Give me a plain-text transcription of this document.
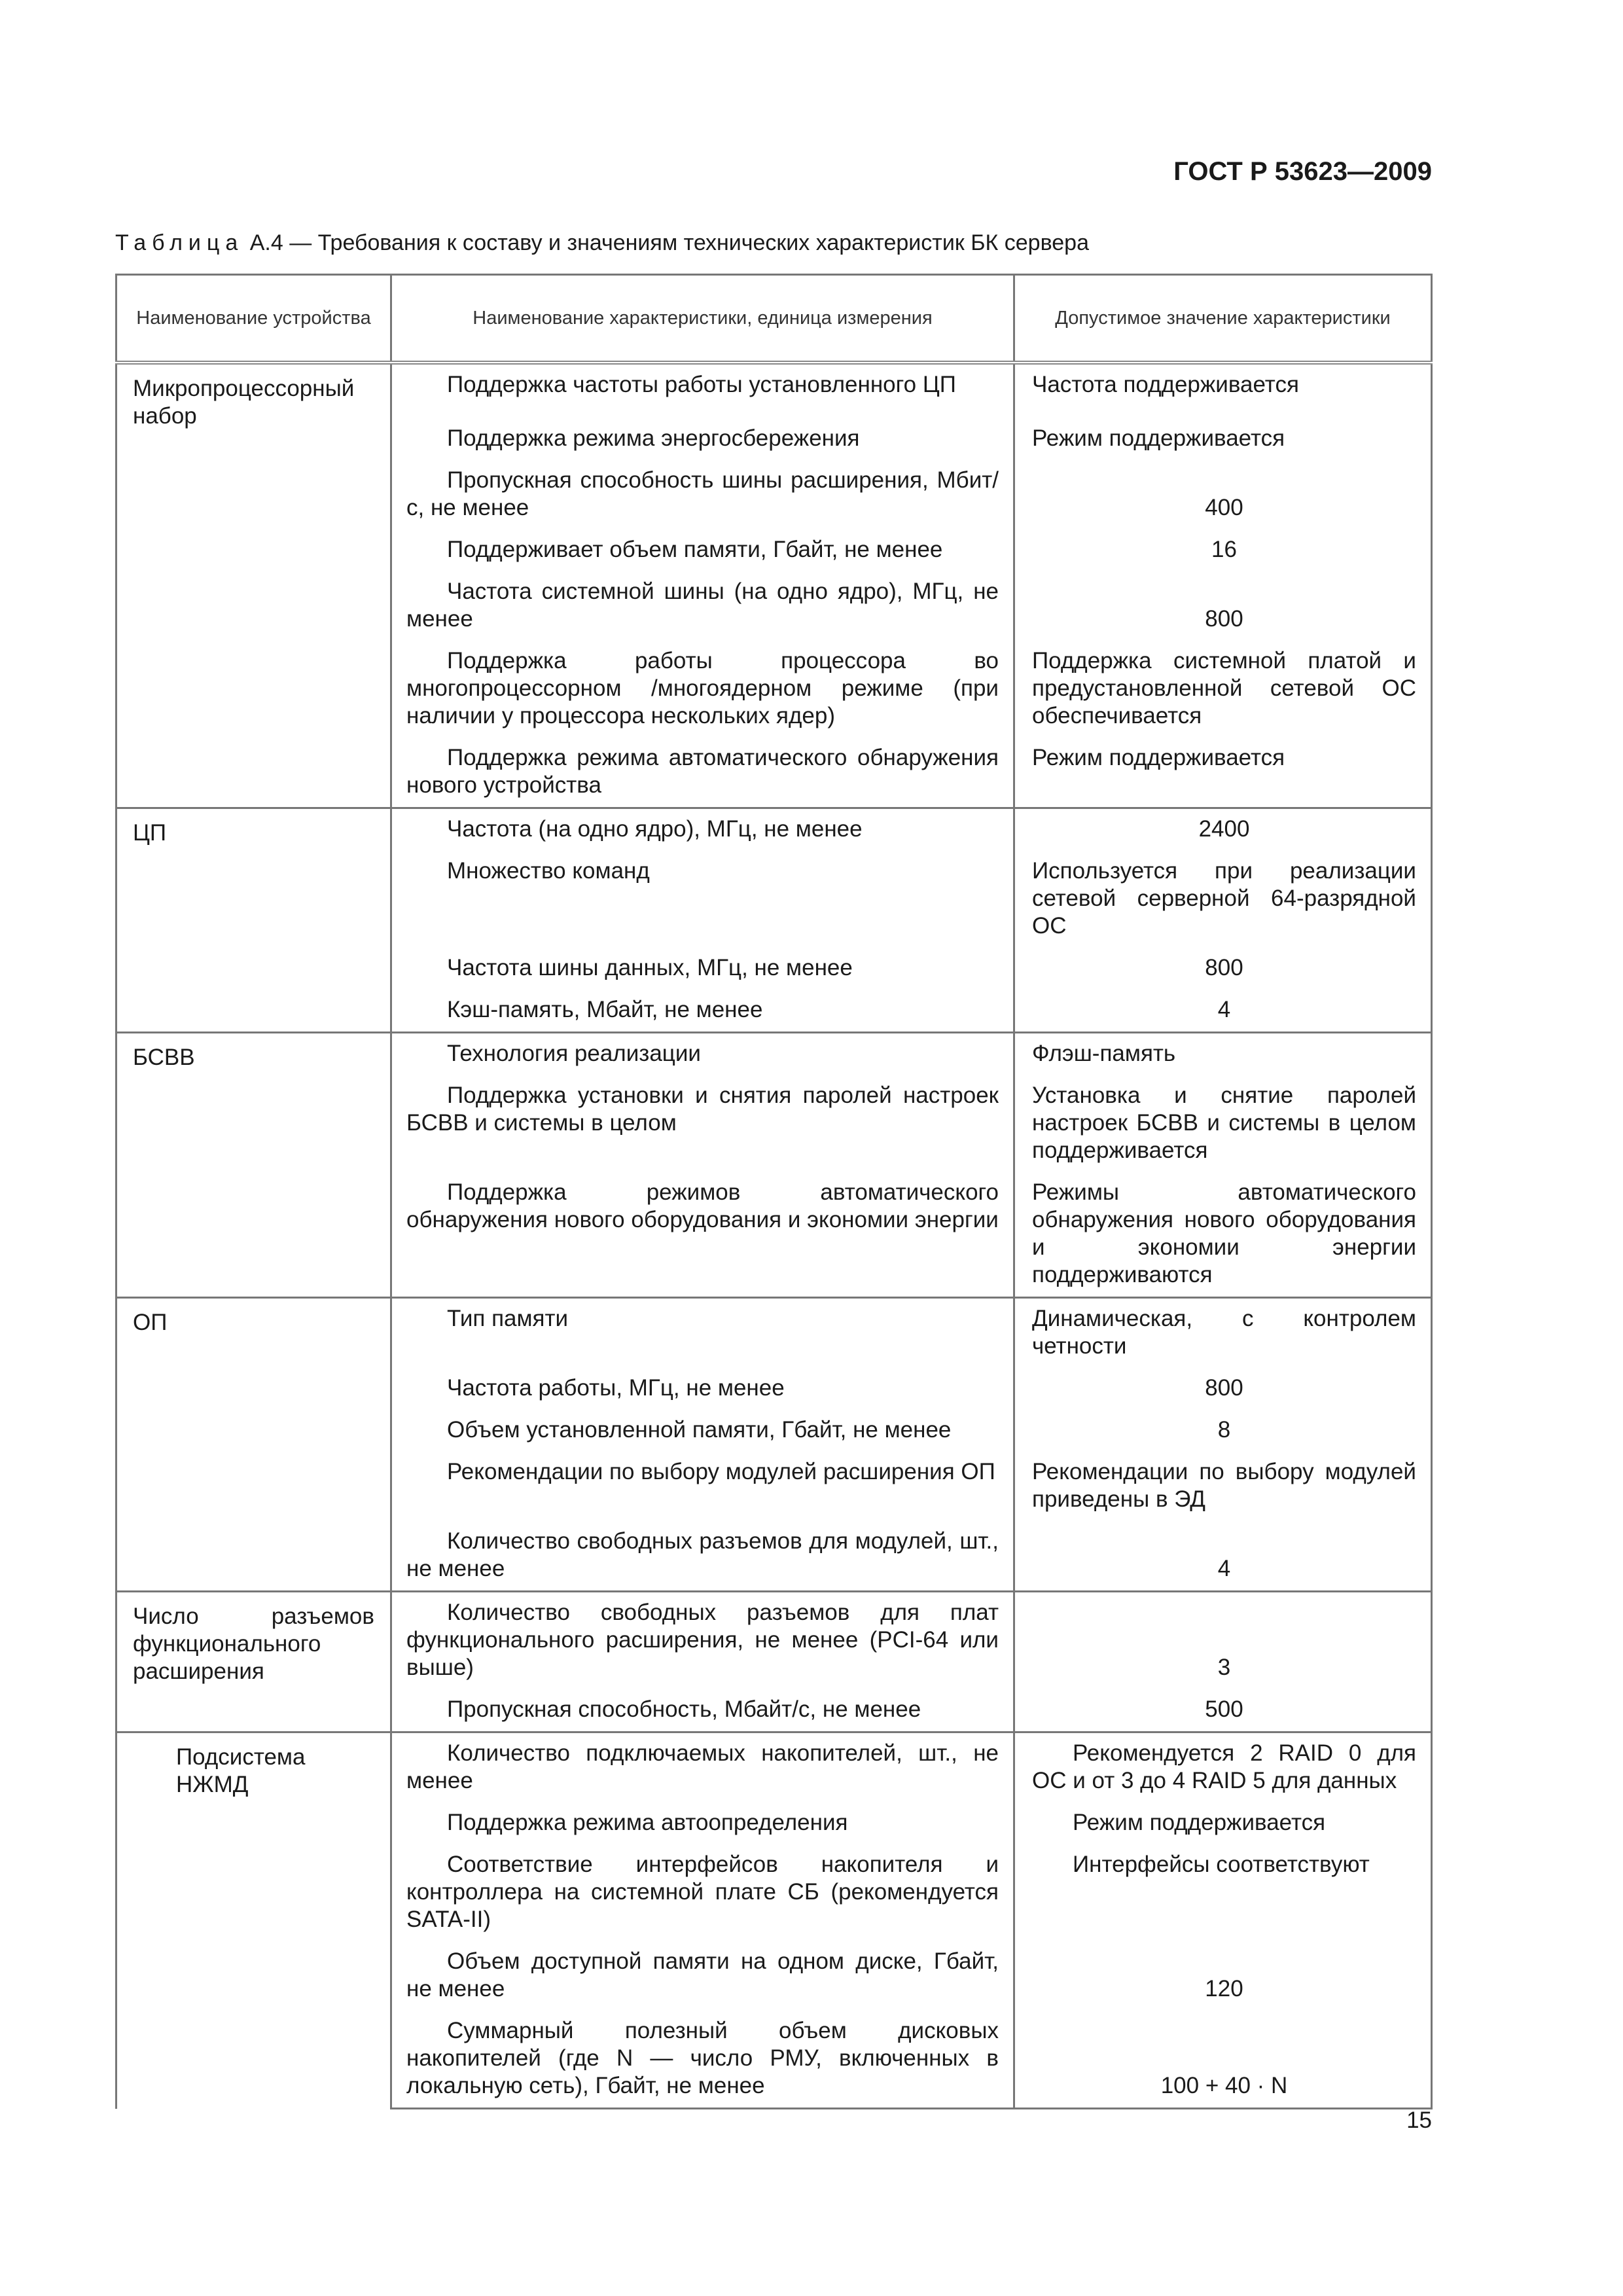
ГОСТ Р 53623—2009
Таблица А.4 — Требования к составу и значениям технических характеристик БК сервера
Наименование устройства	Наименование характеристики, единица измерения	Допустимое значение характеристики
Микропроцессорный набор	Поддержка частоты работы установленного ЦП	Частота поддерживается

	Поддержка режима энергосбережения	Режим поддерживается

	Пропускная способность шины расширения, Мбит/с, не менее	400

	Поддерживает объем памяти, Гбайт, не менее	16

	Частота системной шины (на одно ядро), МГц, не менее	800

	Поддержка работы процессора во многопроцессорном /многоядерном режиме (при наличии у процессора нескольких ядер)	Поддержка системной платой и предустановленной сетевой ОС обеспечивается

	Поддержка режима автоматического обнаружения нового устройства	Режим поддерживается
ЦП	Частота (на одно ядро), МГц, не менее	2400

	Множество команд	Используется при реализации сетевой серверной 64-разрядной ОС

	Частота шины данных, МГц, не менее	800

	Кэш-память, Мбайт, не менее	4
БСВВ	Технология реализации	Флэш-память

	Поддержка установки и снятия паролей настроек БСВВ и системы в целом	Установка и снятие паролей настроек БСВВ и системы в целом поддерживается

	Поддержка режимов автоматического обнаружения нового оборудования и экономии энергии	Режимы автоматического обнаружения нового оборудования и экономии энергии поддерживаются
ОП	Тип памяти	Динамическая, с контролем четности

	Частота работы, МГц, не менее	800

	Объем установленной памяти, Гбайт, не менее	8

	Рекомендации по выбору модулей расширения ОП	Рекомендации по выбору модулей приведены в ЭД

	Количество свободных разъемов для модулей, шт., не менее	4
Число разъемов функционального расширения	Количество свободных разъемов для плат функционального расширения, не менее (PCI-64 или выше)	3

	Пропускная способность, Мбайт/с, не менее	500
Подсистема НЖМД	Количество подключаемых накопителей, шт., не менее	Рекомендуется 2 RAID 0 для ОС и от 3 до 4 RAID 5 для данных

	Поддержка режима автоопределения	Режим поддерживается

	Соответствие интерфейсов накопителя и контроллера на системной плате СБ (рекомендуется SATA-II)	Интерфейсы соответствуют

	Объем доступной памяти на одном диске, Гбайт, не менее	120

	Суммарный полезный объем дисковых накопителей (где N — число РМУ, включенных в локальную сеть), Гбайт, не менее	100 + 40 · N
15
